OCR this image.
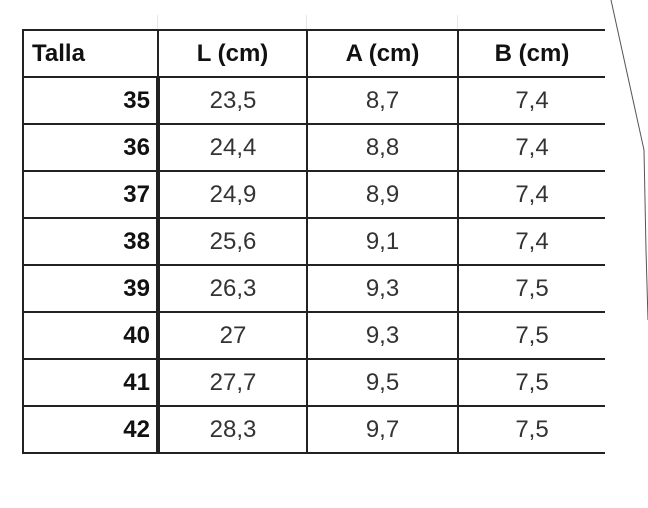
Talla	L (cm)	A (cm)	B (cm)
35	23,5	8,7	7,4
36	24,4	8,8	7,4
37	24,9	8,9	7,4
38	25,6	9,1	7,4
39	26,3	9,3	7,5
40	27	9,3	7,5
41	27,7	9,5	7,5
42	28,3	9,7	7,5
